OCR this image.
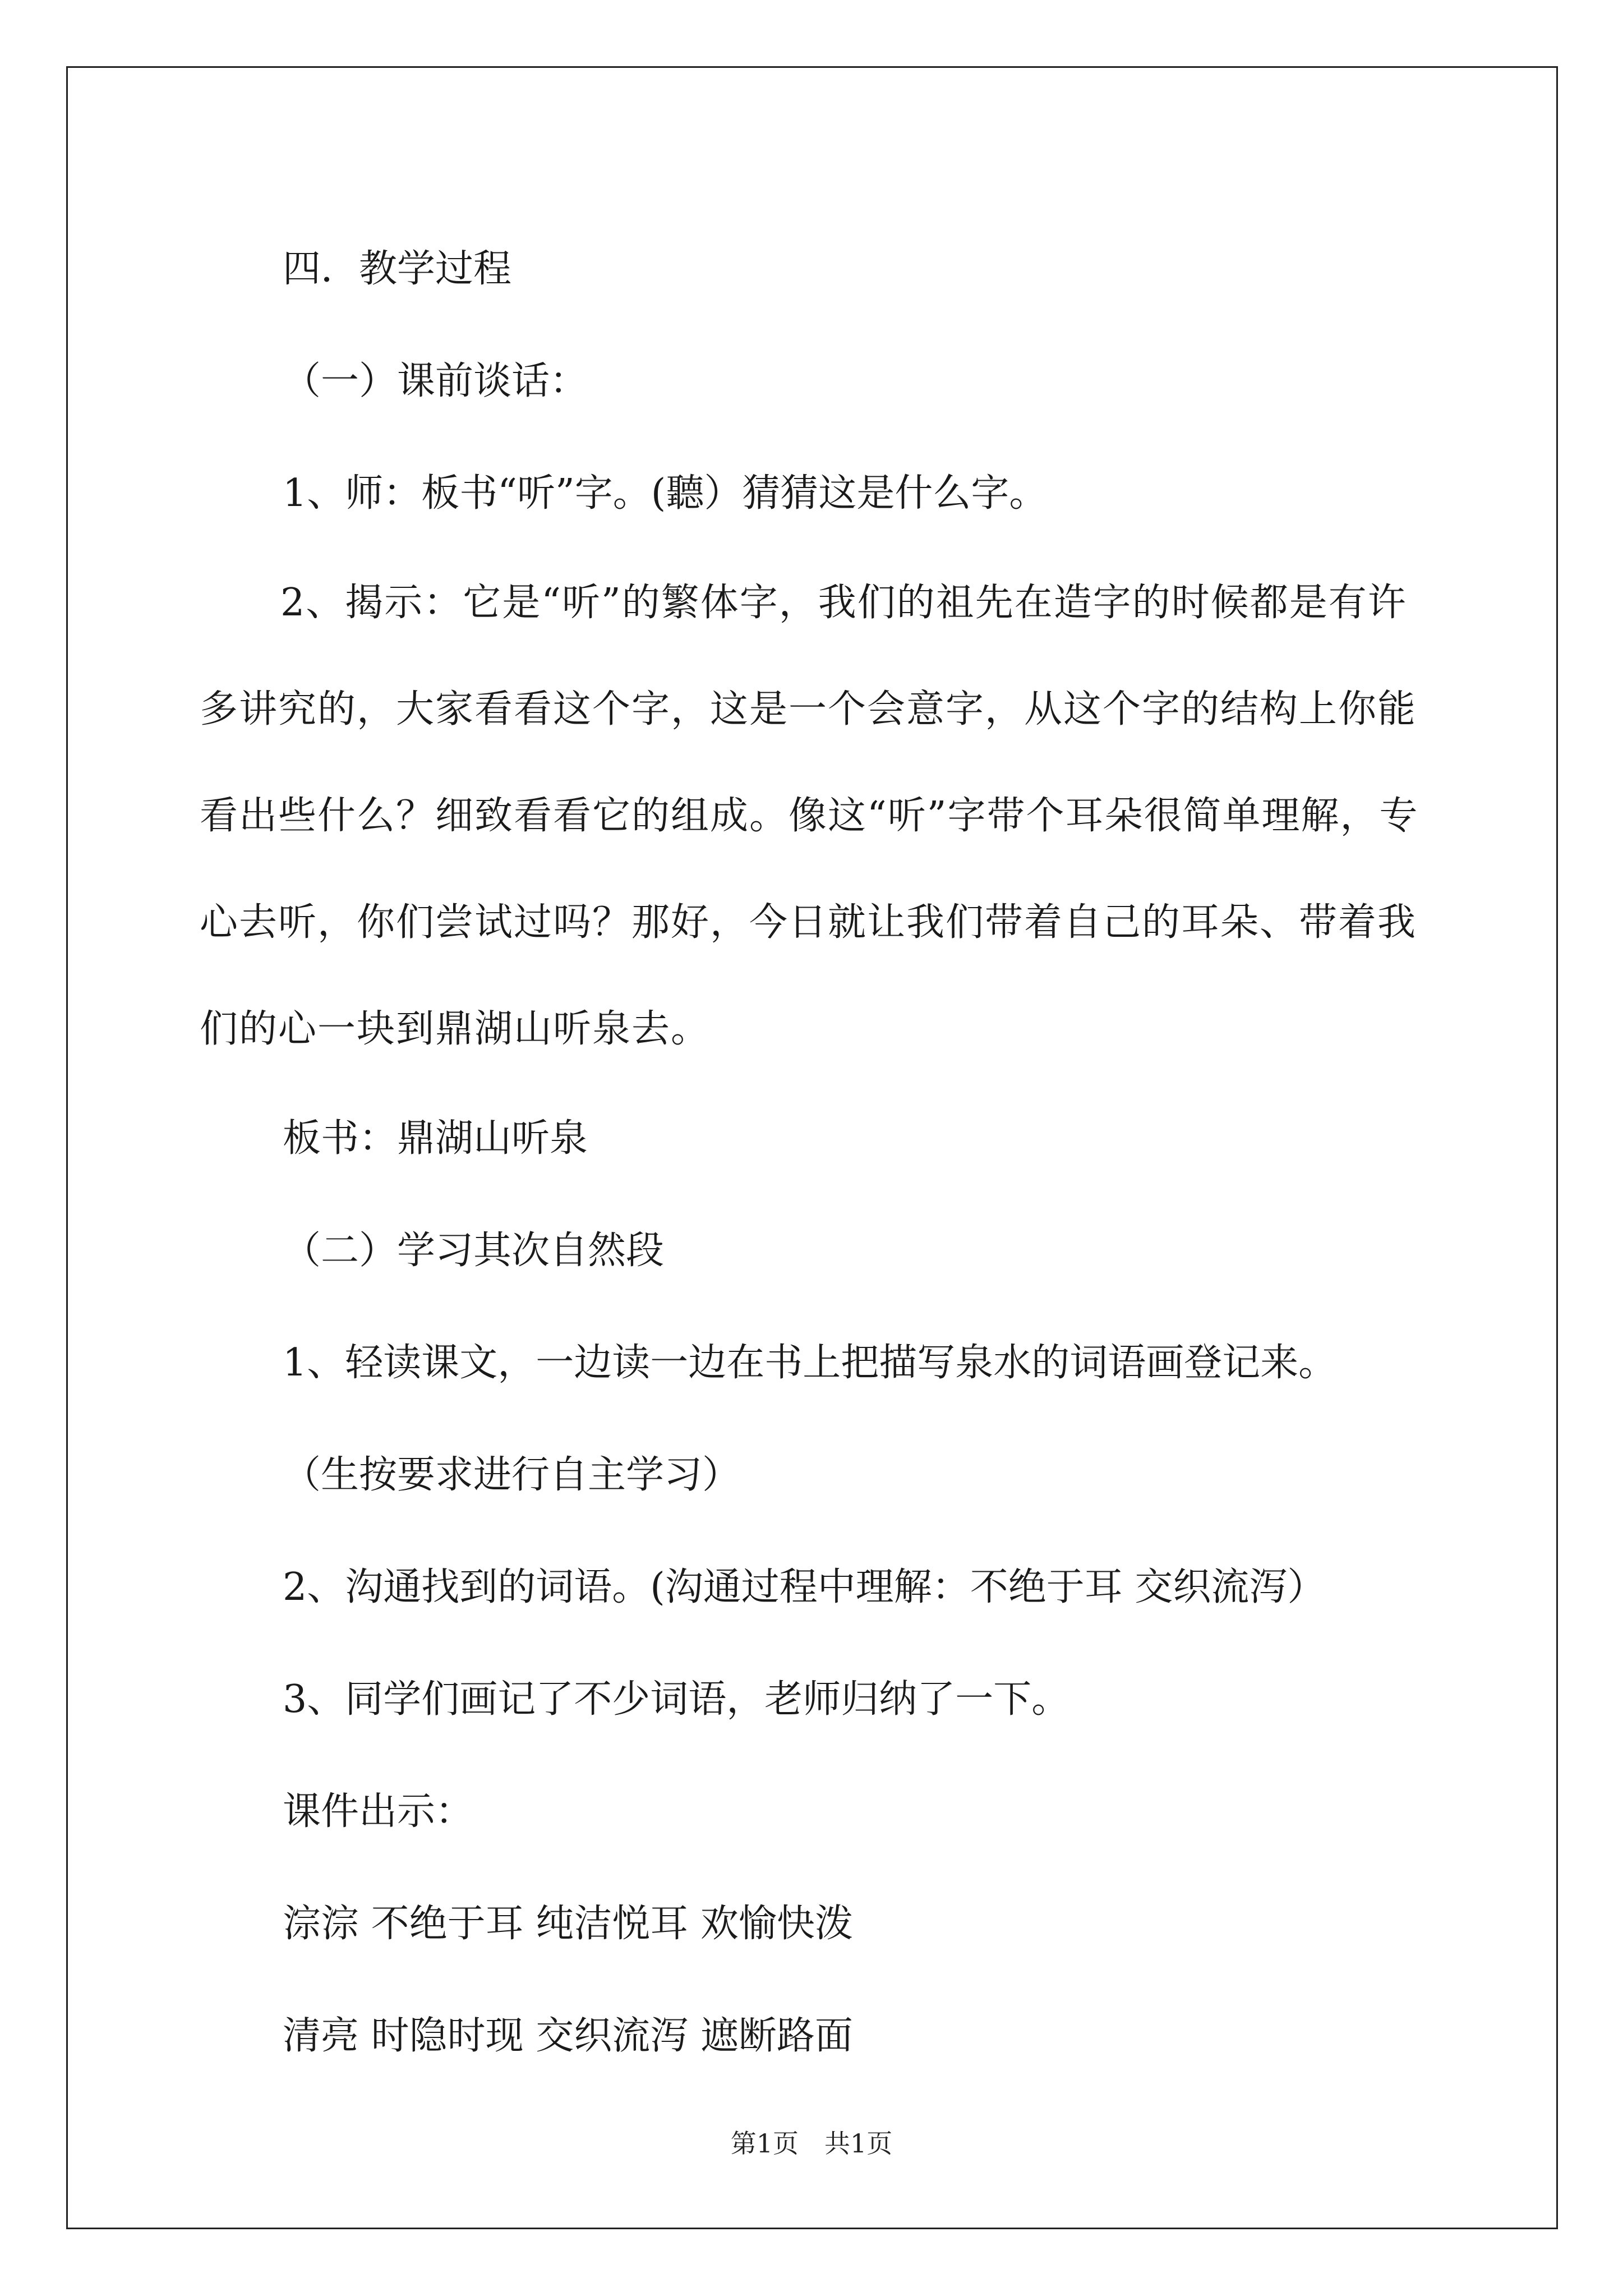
四．教学过程

（一）课前谈话：

1、师：板书“听”字。(聽）猜猜这是什么字。

2、揭示：它是“听”的繁体字，我们的祖先在造字的时候都是有许多讲究的，大家看看这个字，这是一个会意字，从这个字的结构上你能看出些什么？细致看看它的组成。像这“听”字带个耳朵很简单理解，专心去听，你们尝试过吗？那好，今日就让我们带着自己的耳朵、带着我们的心一块到鼎湖山听泉去。

板书：鼎湖山听泉

（二）学习其次自然段

1、轻读课文，一边读一边在书上把描写泉水的词语画登记来。

（生按要求进行自主学习）

2、沟通找到的词语。(沟通过程中理解：不绝于耳 交织流泻）

3、同学们画记了不少词语，老师归纳了一下。

课件出示：

淙淙 不绝于耳 纯洁悦耳 欢愉快泼

清亮 时隐时现 交织流泻 遮断路面

第1页　共1页
